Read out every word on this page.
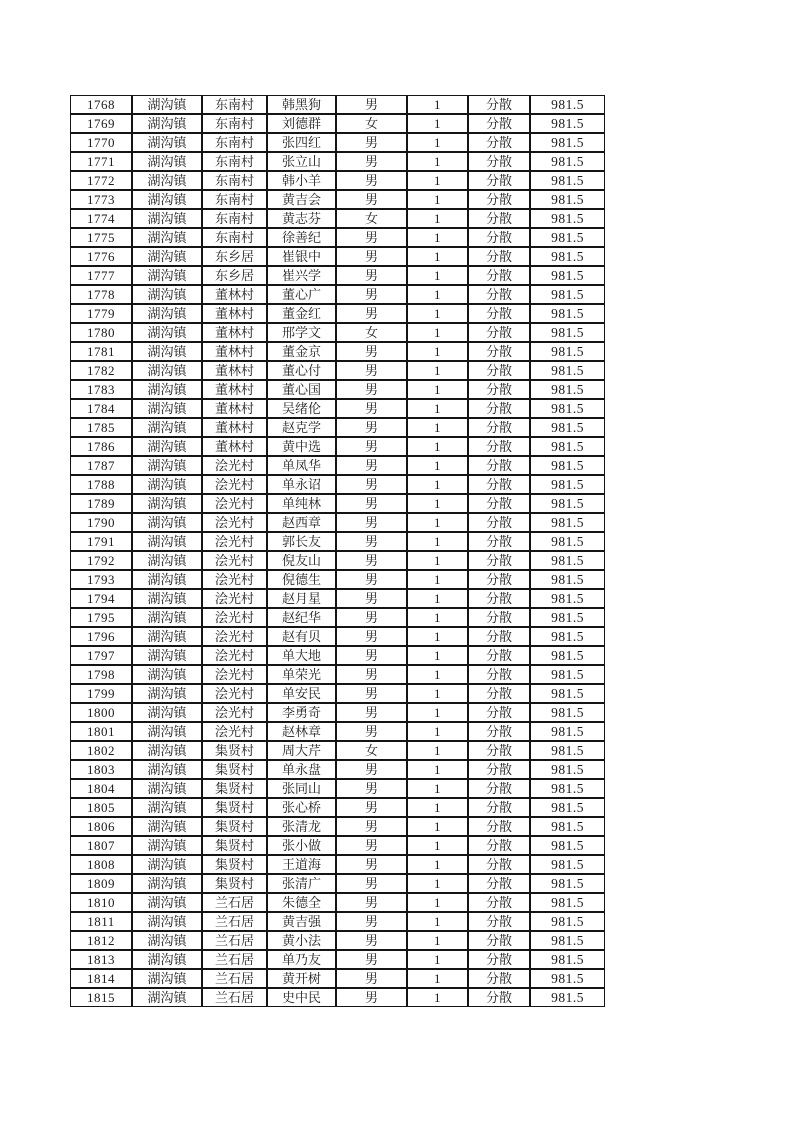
1768	湖沟镇	东南村	韩黑狗	男	1	分散	981.5
1769	湖沟镇	东南村	刘德群	女	1	分散	981.5
1770	湖沟镇	东南村	张四红	男	1	分散	981.5
1771	湖沟镇	东南村	张立山	男	1	分散	981.5
1772	湖沟镇	东南村	韩小羊	男	1	分散	981.5
1773	湖沟镇	东南村	黄吉会	男	1	分散	981.5
1774	湖沟镇	东南村	黄志芬	女	1	分散	981.5
1775	湖沟镇	东南村	徐善纪	男	1	分散	981.5
1776	湖沟镇	东乡居	崔银中	男	1	分散	981.5
1777	湖沟镇	东乡居	崔兴学	男	1	分散	981.5
1778	湖沟镇	董林村	董心广	男	1	分散	981.5
1779	湖沟镇	董林村	董金红	男	1	分散	981.5
1780	湖沟镇	董林村	邢学文	女	1	分散	981.5
1781	湖沟镇	董林村	董金京	男	1	分散	981.5
1782	湖沟镇	董林村	董心付	男	1	分散	981.5
1783	湖沟镇	董林村	董心国	男	1	分散	981.5
1784	湖沟镇	董林村	吴绪伦	男	1	分散	981.5
1785	湖沟镇	董林村	赵克学	男	1	分散	981.5
1786	湖沟镇	董林村	黄中选	男	1	分散	981.5
1787	湖沟镇	浍光村	单凤华	男	1	分散	981.5
1788	湖沟镇	浍光村	单永诏	男	1	分散	981.5
1789	湖沟镇	浍光村	单纯林	男	1	分散	981.5
1790	湖沟镇	浍光村	赵西章	男	1	分散	981.5
1791	湖沟镇	浍光村	郭长友	男	1	分散	981.5
1792	湖沟镇	浍光村	倪友山	男	1	分散	981.5
1793	湖沟镇	浍光村	倪德生	男	1	分散	981.5
1794	湖沟镇	浍光村	赵月星	男	1	分散	981.5
1795	湖沟镇	浍光村	赵纪华	男	1	分散	981.5
1796	湖沟镇	浍光村	赵有贝	男	1	分散	981.5
1797	湖沟镇	浍光村	单大地	男	1	分散	981.5
1798	湖沟镇	浍光村	单荣光	男	1	分散	981.5
1799	湖沟镇	浍光村	单安民	男	1	分散	981.5
1800	湖沟镇	浍光村	李勇奇	男	1	分散	981.5
1801	湖沟镇	浍光村	赵林章	男	1	分散	981.5
1802	湖沟镇	集贤村	周大芹	女	1	分散	981.5
1803	湖沟镇	集贤村	单永盘	男	1	分散	981.5
1804	湖沟镇	集贤村	张同山	男	1	分散	981.5
1805	湖沟镇	集贤村	张心桥	男	1	分散	981.5
1806	湖沟镇	集贤村	张清龙	男	1	分散	981.5
1807	湖沟镇	集贤村	张小做	男	1	分散	981.5
1808	湖沟镇	集贤村	王道海	男	1	分散	981.5
1809	湖沟镇	集贤村	张清广	男	1	分散	981.5
1810	湖沟镇	兰石居	朱德全	男	1	分散	981.5
1811	湖沟镇	兰石居	黄吉强	男	1	分散	981.5
1812	湖沟镇	兰石居	黄小法	男	1	分散	981.5
1813	湖沟镇	兰石居	单乃友	男	1	分散	981.5
1814	湖沟镇	兰石居	黄开树	男	1	分散	981.5
1815	湖沟镇	兰石居	史中民	男	1	分散	981.5
